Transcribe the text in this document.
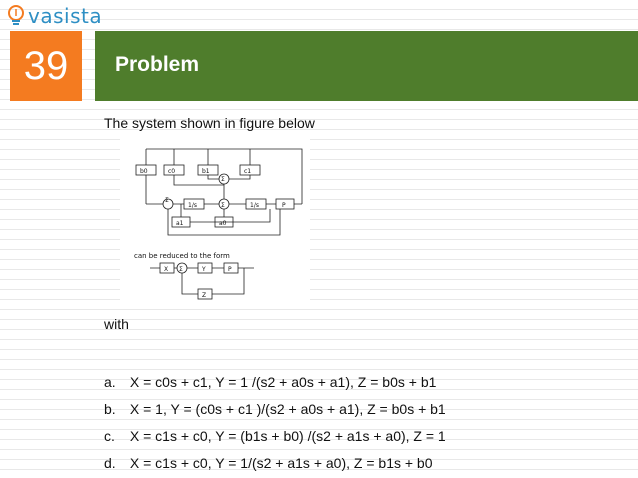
vasista
39	Problem
The system shown in figure below
b0	c0	b1	c1
1/s	1/s	P
a1	a0
Σ
Σ
Σ
can be reduced to the form
X Σ	Y	P
Z
with
a. X = c0s + c1, Y = 1 /(s2 + a0s + a1), Z = b0s + b1
b. X = 1, Y = (c0s + c1 )/(s2 + a0s + a1), Z = b0s + b1
c. X = c1s + c0, Y = (b1s + b0) /(s2 + a1s + a0), Z = 1
d. X = c1s + c0, Y = 1/(s2 + a1s + a0), Z = b1s + b0
